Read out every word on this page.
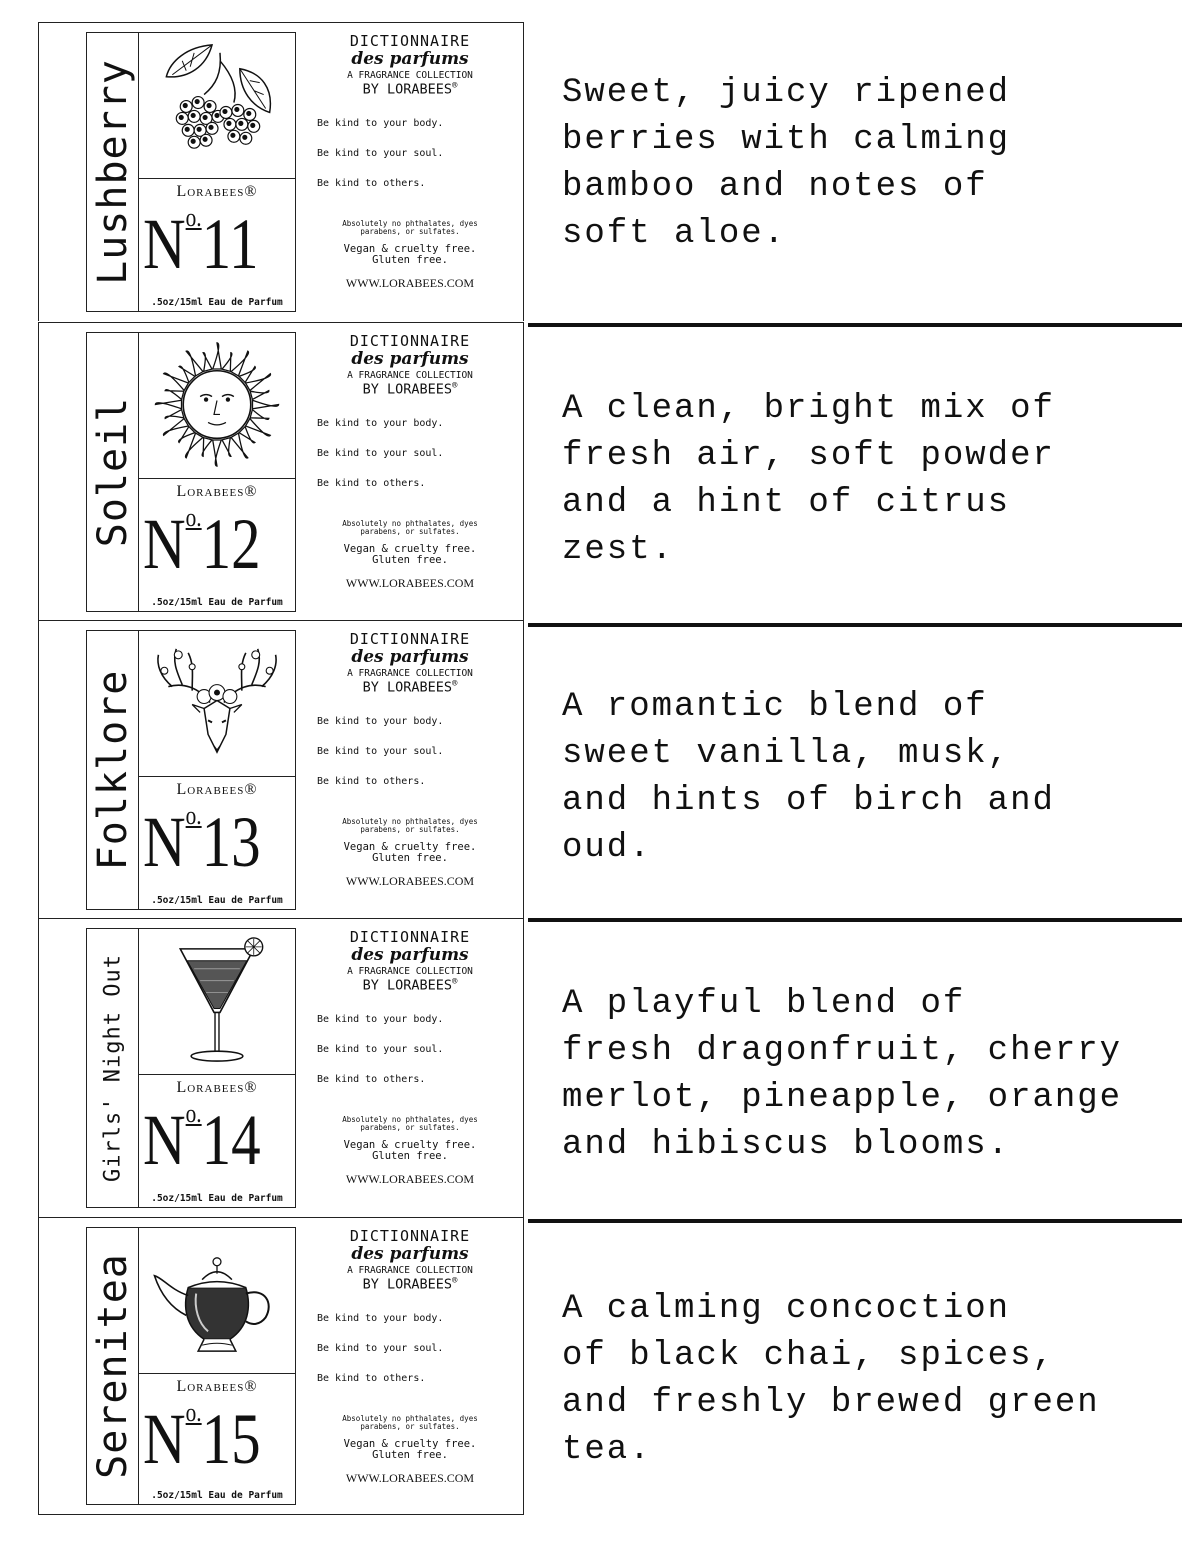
Lushberry	Lorabees®
$N^{o.}11$
.5oz/15ml Eau de Parfum
DICTIONNAIRE
des parfums
A FRAGRANCE COLLECTION
BY LORABEES®
Be kind to your body.
Be kind to your soul.
Be kind to others.
Absolutely no phthalates, dyes
parabens, or sulfates.
Vegan & cruelty free.
Gluten free.
WWW.LORABEES.COM
Sweet, juicy ripened
berries with calming
bamboo and notes of
soft aloe.
Soleil	Lorabees®
$N^{o.}12$
.5oz/15ml Eau de Parfum
DICTIONNAIRE
des parfums
A FRAGRANCE COLLECTION
BY LORABEES®
Be kind to your body.
Be kind to your soul.
Be kind to others.
Absolutely no phthalates, dyes
parabens, or sulfates.
Vegan & cruelty free.
Gluten free.
WWW.LORABEES.COM
A clean, bright mix of
fresh air, soft powder
and a hint of citrus
zest.
Folklore	Lorabees®
$N^{o.}13$
.5oz/15ml Eau de Parfum
DICTIONNAIRE
des parfums
A FRAGRANCE COLLECTION
BY LORABEES®
Be kind to your body.
Be kind to your soul.
Be kind to others.
Absolutely no phthalates, dyes
parabens, or sulfates.
Vegan & cruelty free.
Gluten free.
WWW.LORABEES.COM
A romantic blend of
sweet vanilla, musk,
and hints of birch and
oud.
Girls' Night Out	Lorabees®
$N^{o.}14$
.5oz/15ml Eau de Parfum
DICTIONNAIRE
des parfums
A FRAGRANCE COLLECTION
BY LORABEES®
Be kind to your body.
Be kind to your soul.
Be kind to others.
Absolutely no phthalates, dyes
parabens, or sulfates.
Vegan & cruelty free.
Gluten free.
WWW.LORABEES.COM
A playful blend of
fresh dragonfruit, cherry
merlot, pineapple, orange
and hibiscus blooms.
Serenitea	Lorabees®
$N^{o.}15$
.5oz/15ml Eau de Parfum
DICTIONNAIRE
des parfums
A FRAGRANCE COLLECTION
BY LORABEES®
Be kind to your body.
Be kind to your soul.
Be kind to others.
Absolutely no phthalates, dyes
parabens, or sulfates.
Vegan & cruelty free.
Gluten free.
WWW.LORABEES.COM
A calming concoction
of black chai, spices,
and freshly brewed green
tea.
